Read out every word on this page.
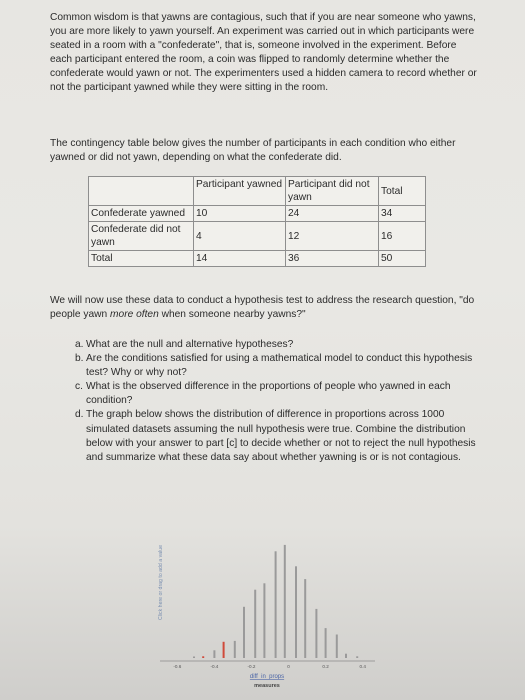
Common wisdom is that yawns are contagious, such that if you are near someone who yawns, you are more likely to yawn yourself. An experiment was carried out in which participants were seated in a room with a "confederate", that is, someone involved in the experiment. Before each participant entered the room, a coin was flipped to randomly determine whether the confederate would yawn or not. The experimenters used a hidden camera to record whether or not the participant yawned while they were sitting in the room.
The contingency table below gives the number of participants in each condition who either yawned or did not yawn, depending on what the confederate did.
	Participant yawned	Participant did not yawn	Total

Confederate yawned	10	24	34
Confederate did not yawn	4	12	16
Total	14	36	50
We will now use these data to conduct a hypothesis test to address the research question, "do people yawn more often when someone nearby yawns?"
a. What are the null and alternative hypotheses?
b. Are the conditions satisfied for using a mathematical model to conduct this hypothesis test? Why or why not?
c. What is the observed difference in the proportions of people who yawned in each condition?
d. The graph below shows the distribution of difference in proportions across 1000 simulated datasets assuming the null hypothesis were true. Combine the distribution below with your answer to part [c] to decide whether or not to reject the null hypothesis and summarize what these data say about whether yawning is or is not contagious.
Click here or drag to add a value
-0.6	-0.4	-0.2	0	0.2	0.4
diff_in_props
measures
